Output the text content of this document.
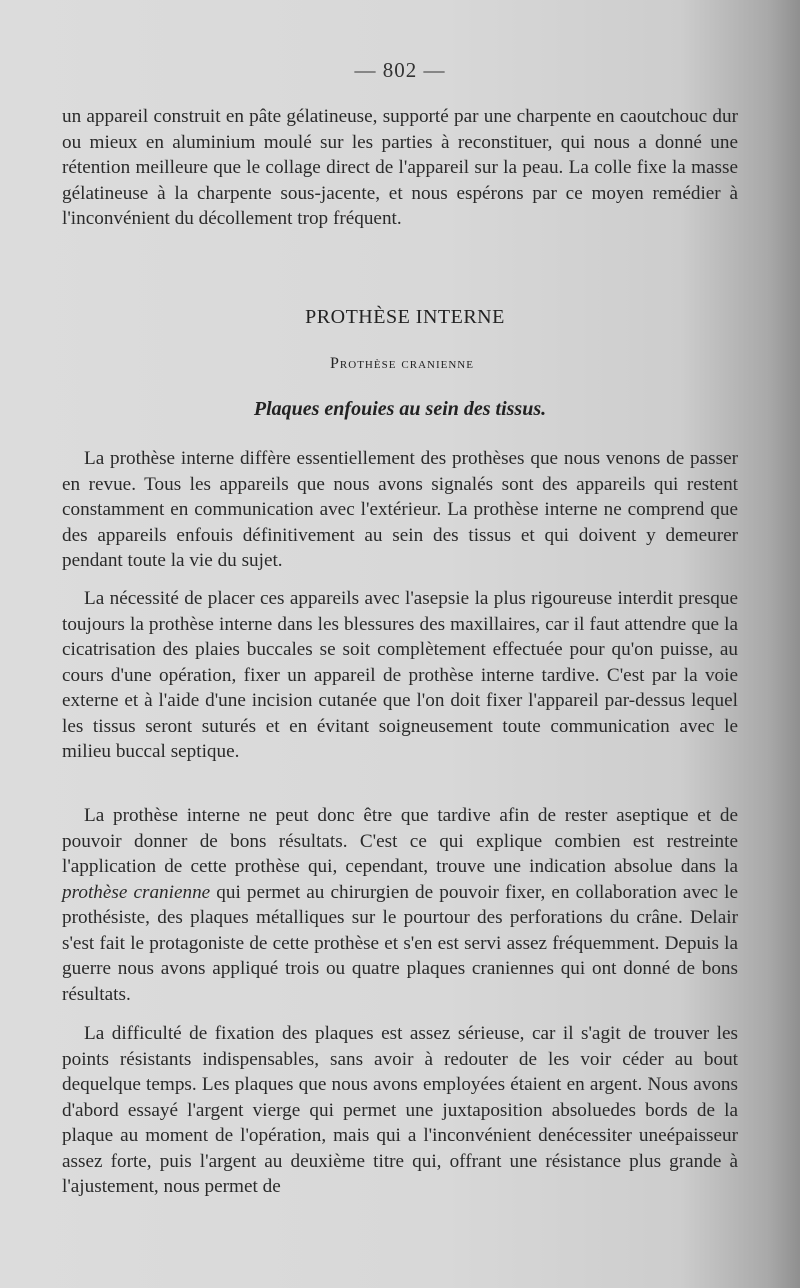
— 802 —

un appareil construit en pâte gélatineuse, supporté par une charpente en caoutchouc dur ou mieux en aluminium moulé sur les parties à reconstituer, qui nous a donné une rétention meilleure que le collage direct de l'appareil sur la peau. La colle fixe la masse gélatineuse à la charpente sous-jacente, et nous espérons par ce moyen remédier à l'inconvénient du décollement trop fréquent.

PROTHÈSE INTERNE
Prothèse cranienne
Plaques enfouies au sein des tissus.

La prothèse interne diffère essentiellement des prothèses que nous venons de passer en revue. Tous les appareils que nous avons signalés sont des appareils qui restent constamment en communication avec l'extérieur. La prothèse interne ne comprend que des appareils enfouis définitivement au sein des tissus et qui doivent y demeurer pendant toute la vie du sujet.

La nécessité de placer ces appareils avec l'asepsie la plus rigoureuse interdit presque toujours la prothèse interne dans les blessures des maxillaires, car il faut attendre que la cicatrisation des plaies buccales se soit complètement effectuée pour qu'on puisse, au cours d'une opération, fixer un appareil de prothèse interne tardive. C'est par la voie externe et à l'aide d'une incision cutanée que l'on doit fixer l'appareil par-dessus lequel les tissus seront suturés et en évitant soigneusement toute communication avec le milieu buccal septique.

La prothèse interne ne peut donc être que tardive afin de rester aseptique et de pouvoir donner de bons résultats. C'est ce qui explique combien est restreinte l'application de cette prothèse qui, cependant, trouve une indication absolue dans la prothèse cranienne qui permet au chirurgien de pouvoir fixer, en collaboration avec le prothésiste, des plaques métalliques sur le pourtour des perforations du crâne. Delair s'est fait le protagoniste de cette prothèse et s'en est servi assez fréquemment. Depuis la guerre nous avons appliqué trois ou quatre plaques craniennes qui ont donné de bons résultats.

La difficulté de fixation des plaques est assez sérieuse, car il s'agit de trouver les points résistants indispensables, sans avoir à redouter de les voir céder au bout dequelque temps. Les plaques que nous avons employées étaient en argent. Nous avons d'abord essayé l'argent vierge qui permet une juxtaposition absoluedes bords de la plaque au moment de l'opération, mais qui a l'inconvénient denécessiter uneépaisseur assez forte, puis l'argent au deuxième titre qui, offrant une résistance plus grande à l'ajustement, nous permet de
